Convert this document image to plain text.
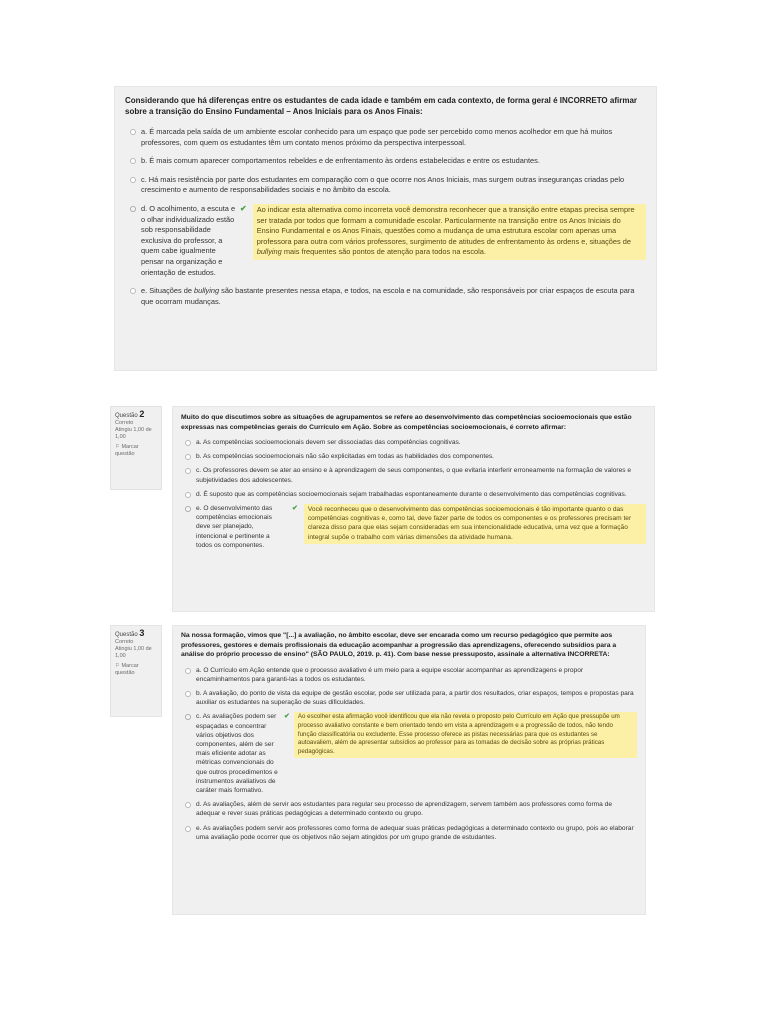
Considerando que há diferenças entre os estudantes de cada idade e também em cada contexto, de forma geral é INCORRETO afirmar sobre a transição do Ensino Fundamental – Anos Iniciais para os Anos Finais:
a. É marcada pela saída de um ambiente escolar conhecido para um espaço que pode ser percebido como menos acolhedor em que há muitos professores, com quem os estudantes têm um contato menos próximo da perspectiva interpessoal.
b. É mais comum aparecer comportamentos rebeldes e de enfrentamento às ordens estabelecidas e entre os estudantes.
c. Há mais resistência por parte dos estudantes em comparação com o que ocorre nos Anos Iniciais, mas surgem outras inseguranças criadas pelo crescimento e aumento de responsabilidades sociais e no âmbito da escola.
d. O acolhimento, a escuta e o olhar individualizado estão sob responsabilidade exclusiva do professor, a quem cabe igualmente pensar na organização e orientação de estudos.
✔	Ao indicar esta alternativa como incorreta você demonstra reconhecer que a transição entre etapas precisa sempre ser tratada por todos que formam a comunidade escolar. Particularmente na transição entre os Anos Iniciais do Ensino Fundamental e os Anos Finais, questões como a mudança de uma estrutura escolar com apenas uma professora para outra com vários professores, surgimento de atitudes de enfrentamento às ordens e, situações de bullying mais frequentes são pontos de atenção para todos na escola.
e. Situações de bullying são bastante presentes nessa etapa, e todos, na escola e na comunidade, são responsáveis por criar espaços de escuta para que ocorram mudanças.
Questão 2
Correto
Atingiu 1,00 de 1,00
⚐ Marcar questão
Muito do que discutimos sobre as situações de agrupamentos se refere ao desenvolvimento das competências socioemocionais que estão expressas nas competências gerais do Currículo em Ação. Sobre as competências socioemocionais, é correto afirmar:
a. As competências socioemocionais devem ser dissociadas das competências cognitivas.
b. As competências socioemocionais não são explicitadas em todas as habilidades dos componentes.
c. Os professores devem se ater ao ensino e à aprendizagem de seus componentes, o que evitaria interferir erroneamente na formação de valores e subjetividades dos adolescentes.
d. É suposto que as competências socioemocionais sejam trabalhadas espontaneamente durante o desenvolvimento das competências cognitivas.
e. O desenvolvimento das competências emocionais deve ser planejado, intencional e pertinente a todos os componentes.
✔	Você reconheceu que o desenvolvimento das competências socioemocionais é tão importante quanto o das competências cognitivas e, como tal, deve fazer parte de todos os componentes e os professores precisam ter clareza disso para que elas sejam consideradas em sua intencionalidade educativa, uma vez que a formação integral supõe o trabalho com várias dimensões da atividade humana.
Questão 3
Correto
Atingiu 1,00 de 1,00
⚐ Marcar questão
Na nossa formação, vimos que "[...] a avaliação, no âmbito escolar, deve ser encarada como um recurso pedagógico que permite aos professores, gestores e demais profissionais da educação acompanhar a progressão das aprendizagens, oferecendo subsídios para a análise do próprio processo de ensino" (SÃO PAULO, 2019. p. 41). Com base nesse pressuposto, assinale a alternativa INCORRETA:
a. O Currículo em Ação entende que o processo avaliativo é um meio para a equipe escolar acompanhar as aprendizagens e propor encaminhamentos para garanti-las a todos os estudantes.
b. A avaliação, do ponto de vista da equipe de gestão escolar, pode ser utilizada para, a partir dos resultados, criar espaços, tempos e propostas para auxiliar os estudantes na superação de suas dificuldades.
c. As avaliações podem ser espaçadas e concentrar vários objetivos dos componentes, além de ser mais eficiente adotar as métricas convencionais do que outros procedimentos e instrumentos avaliativos de caráter mais formativo.
✔	Ao escolher esta afirmação você identificou que ela não revela o proposto pelo Currículo em Ação que pressupõe um processo avaliativo constante e bem orientado tendo em vista a aprendizagem e a progressão de todos, não tendo função classificatória ou excludente. Esse processo oferece as pistas necessárias para que os estudantes se autoavaliem, além de apresentar subsídios ao professor para as tomadas de decisão sobre as próprias práticas pedagógicas.
d. As avaliações, além de servir aos estudantes para regular seu processo de aprendizagem, servem também aos professores como forma de adequar e rever suas práticas pedagógicas a determinado contexto ou grupo.
e. As avaliações podem servir aos professores como forma de adequar suas práticas pedagógicas a determinado contexto ou grupo, pois ao elaborar uma avaliação pode ocorrer que os objetivos não sejam atingidos por um grupo grande de estudantes.
